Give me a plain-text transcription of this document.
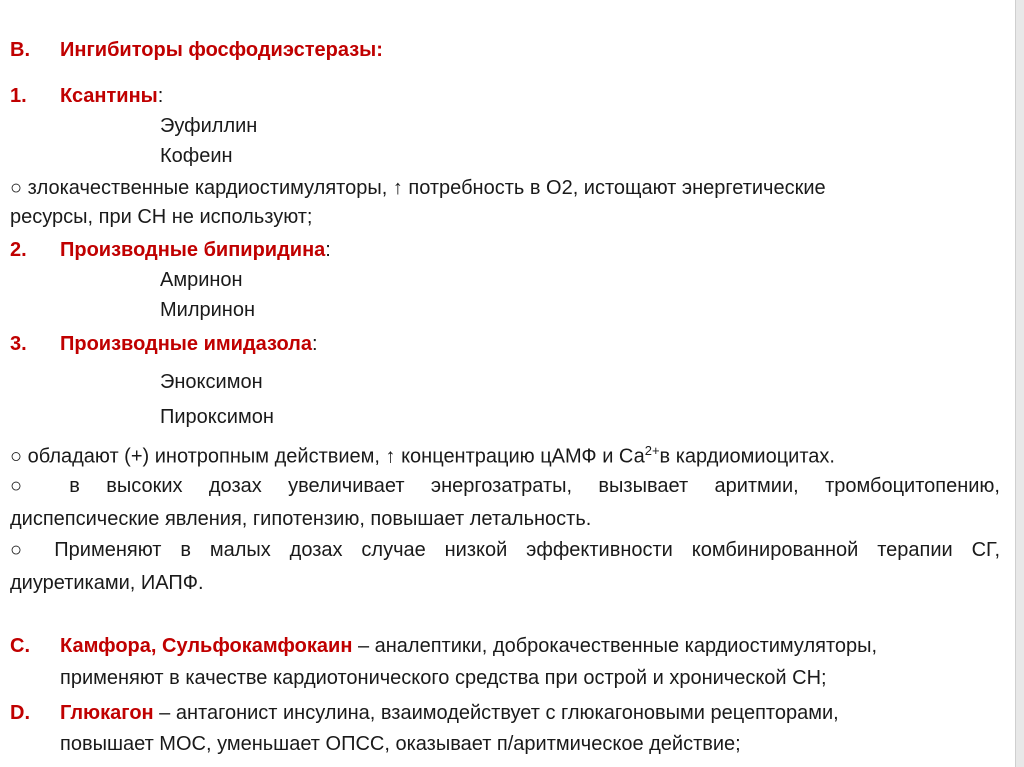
В. Ингибиторы фосфодиэстеразы:
1. Ксантины:
Эуфиллин
Кофеин
○ злокачественные кардиостимуляторы, ↑ потребность в О2, истощают энергетические
ресурсы, при СН не используют;
2. Производные бипиридина:
Амринон
Милринон
3. Производные имидазола:
Эноксимон
Пироксимон
○ обладают (+) инотропным действием, ↑ концентрацию цАМФ и $Са^{2+}в$ кардиомиоцитах.
○ в высоких дозах увеличивает энергозатраты, вызывает аритмии, тромбоцитопению,
диспепсические явления, гипотензию, повышает летальность.
○ Применяют в малых дозах случае низкой эффективности комбинированной терапии СГ,
диуретиками, ИАПФ.
С. Камфора, Сульфокамфокаин – аналептики, доброкачественные кардиостимуляторы,
применяют в качестве кардиотонического средства при острой и хронической СН;
D. Глюкагон – антагонист инсулина, взаимодействует с глюкагоновыми рецепторами,
повышает МОС, уменьшает ОПСС, оказывает п/аритмическое действие;
